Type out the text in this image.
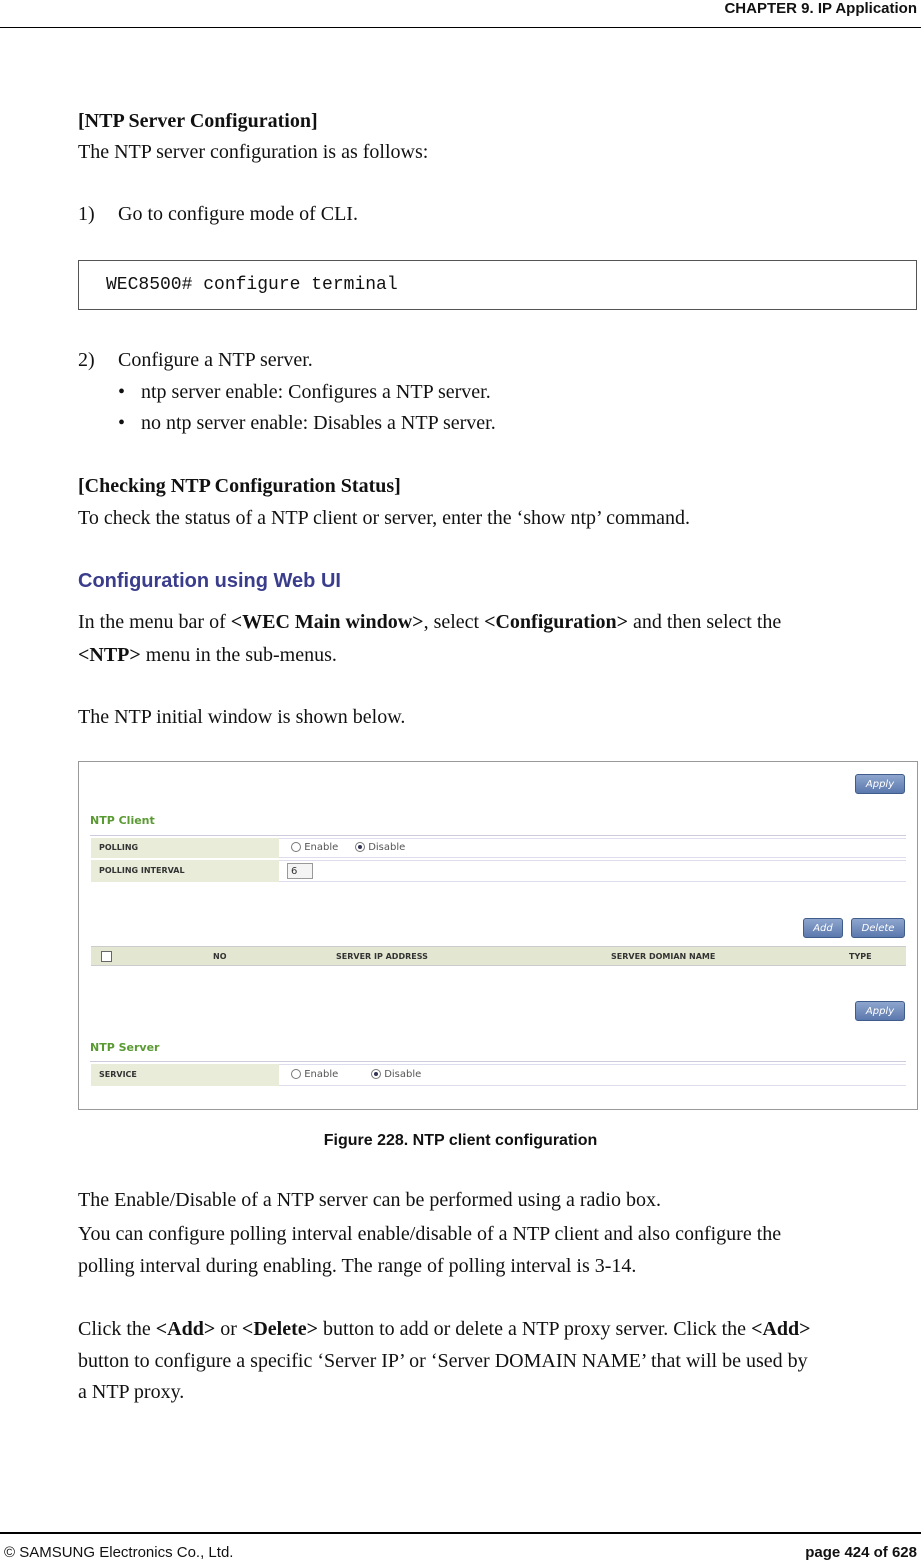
CHAPTER 9. IP Application
[NTP Server Configuration]
The NTP server configuration is as follows:
1) Go to configure mode of CLI.
WEC8500# configure terminal
2) Configure a NTP server.
• ntp server enable: Configures a NTP server.
• no ntp server enable: Disables a NTP server.
[Checking NTP Configuration Status]
To check the status of a NTP client or server, enter the ‘show ntp’ command.
Configuration using Web UI
In the menu bar of <WEC Main window>, select <Configuration> and then select the
<NTP> menu in the sub-menus.
The NTP initial window is shown below.
Apply
NTP Client
POLLING	Enable	Disable
POLLING INTERVAL	6
Add	Delete
NO	SERVER IP ADDRESS	SERVER DOMIAN NAME	TYPE
Apply
NTP Server
SERVICE	Enable	Disable
Figure 228. NTP client configuration
The Enable/Disable of a NTP server can be performed using a radio box.
You can configure polling interval enable/disable of a NTP client and also configure the
polling interval during enabling. The range of polling interval is 3-14.
Click the <Add> or <Delete> button to add or delete a NTP proxy server. Click the <Add>
button to configure a specific ‘Server IP’ or ‘Server DOMAIN NAME’ that will be used by
a NTP proxy.
© SAMSUNG Electronics Co., Ltd.	page 424 of 628
